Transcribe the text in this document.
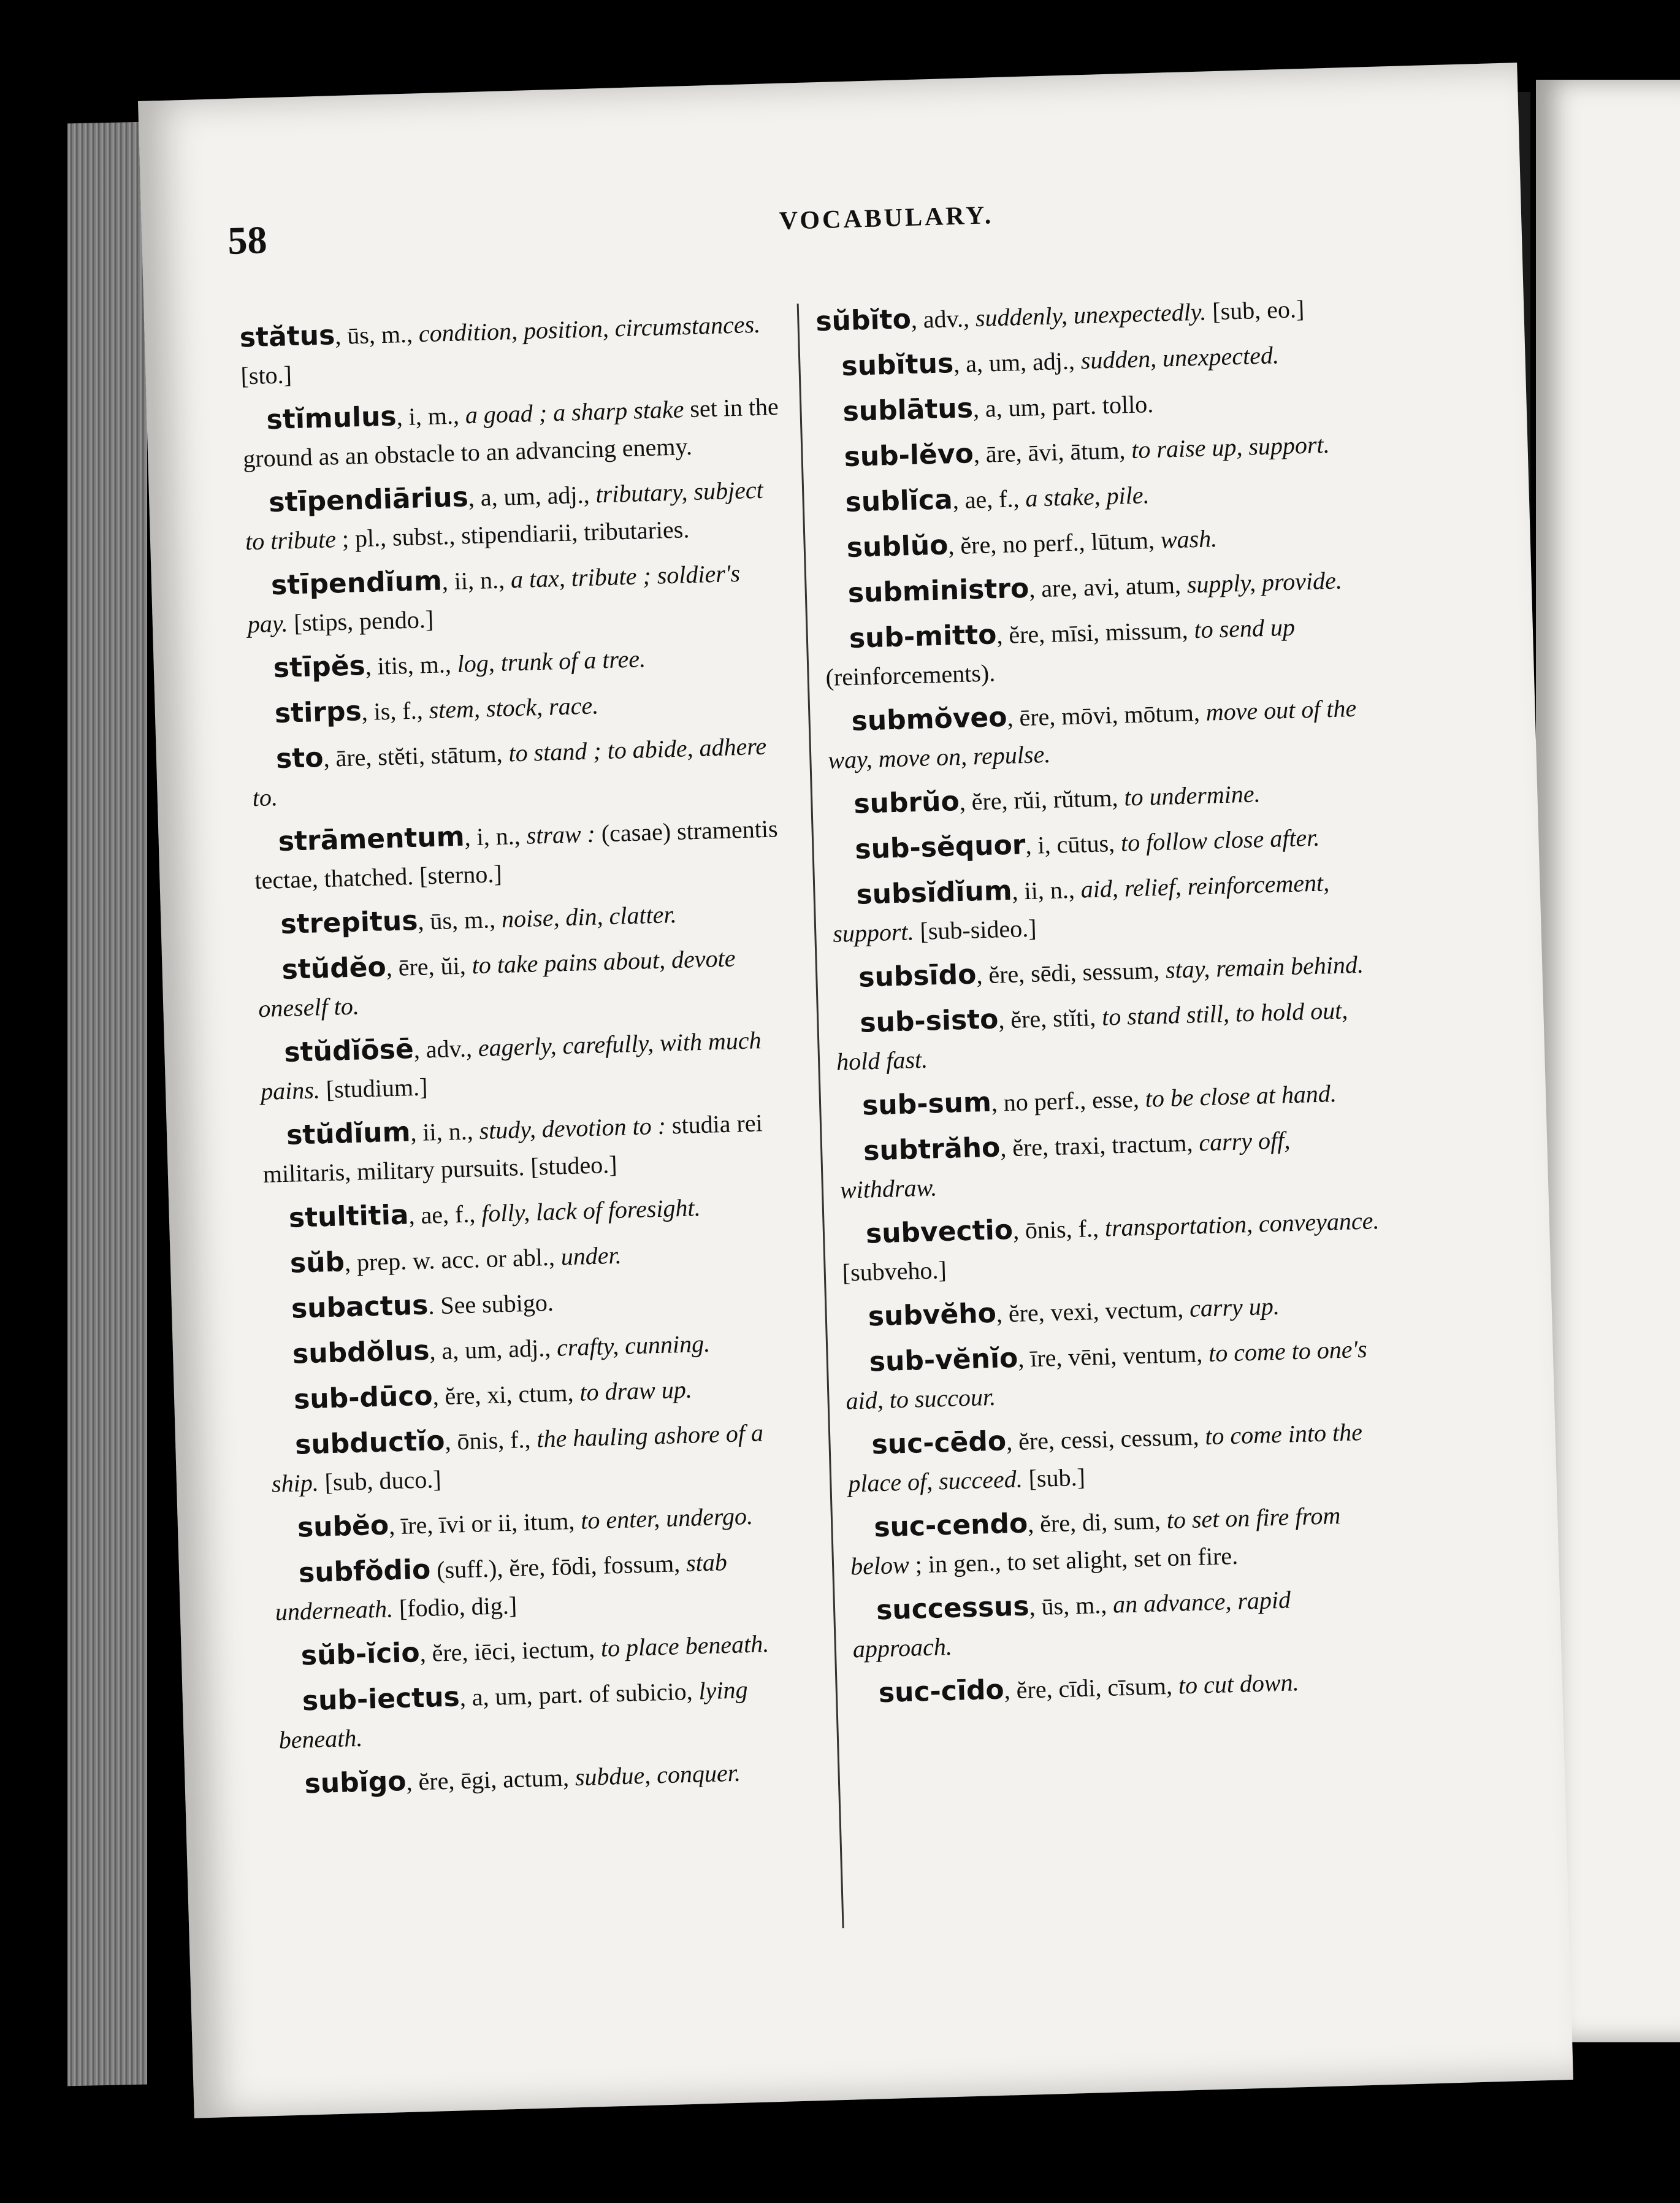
58	VOCABULARY.

stătus, ūs, m., condition, position, circumstances. [sto.]

stĭmulus, i, m., a goad ; a sharp stake set in the ground as an obstacle to an advancing enemy.

stīpendiārius, a, um, adj., tributary, subject to tribute ; pl., subst., stipendiarii, tributaries.

stīpendĭum, ii, n., a tax, tribute ; soldier's pay. [stips, pendo.]

stīpĕs, itis, m., log, trunk of a tree.

stirps, is, f., stem, stock, race.

sto, āre, stĕti, stātum, to stand ; to abide, adhere to.

strāmentum, i, n., straw : (casae) stramentis tectae, thatched. [sterno.]

strepitus, ūs, m., noise, din, clatter.

stŭdĕo, ēre, ŭi, to take pains about, devote oneself to.

stŭdĭōsē, adv., eagerly, carefully, with much pains. [studium.]

stŭdĭum, ii, n., study, devotion to : studia rei militaris, military pursuits. [studeo.]

stultitia, ae, f., folly, lack of foresight.

sŭb, prep. w. acc. or abl., under.

subactus. See subigo.

subdŏlus, a, um, adj., crafty, cunning.

sub-dūco, ĕre, xi, ctum, to draw up.

subductĭo, ōnis, f., the hauling ashore of a ship. [sub, duco.]

subĕo, īre, īvi or ii, itum, to enter, undergo.

subfŏdio (suff.), ĕre, fōdi, fossum, stab underneath. [fodio, dig.]

sŭb-ĭcio, ĕre, iēci, iectum, to place beneath.

sub-iectus, a, um, part. of subicio, lying beneath.

subĭgo, ĕre, ēgi, actum, subdue, conquer.

sŭbĭto, adv., suddenly, unexpectedly. [sub, eo.]

subĭtus, a, um, adj., sudden, unexpected.

sublātus, a, um, part. tollo.

sub-lĕvo, āre, āvi, ātum, to raise up, support.

sublĭca, ae, f., a stake, pile.

sublŭo, ĕre, no perf., lūtum, wash.

subministro, are, avi, atum, supply, provide.

sub-mitto, ĕre, mīsi, missum, to send up (reinforcements).

submŏveo, ēre, mōvi, mōtum, move out of the way, move on, repulse.

subrŭo, ĕre, rŭi, rŭtum, to undermine.

sub-sĕquor, i, cūtus, to follow close after.

subsĭdĭum, ii, n., aid, relief, reinforcement, support. [sub-sideo.]

subsīdo, ĕre, sēdi, sessum, stay, remain behind.

sub-sisto, ĕre, stĭti, to stand still, to hold out, hold fast.

sub-sum, no perf., esse, to be close at hand.

subtrăho, ĕre, traxi, tractum, carry off, withdraw.

subvectio, ōnis, f., transportation, conveyance. [subveho.]

subvĕho, ĕre, vexi, vectum, carry up.

sub-vĕnĭo, īre, vēni, ventum, to come to one's aid, to succour.

suc-cēdo, ĕre, cessi, cessum, to come into the place of, succeed. [sub.]

suc-cendo, ĕre, di, sum, to set on fire from below ; in gen., to set alight, set on fire.

successus, ūs, m., an advance, rapid approach.

suc-cīdo, ĕre, cīdi, cīsum, to cut down.
